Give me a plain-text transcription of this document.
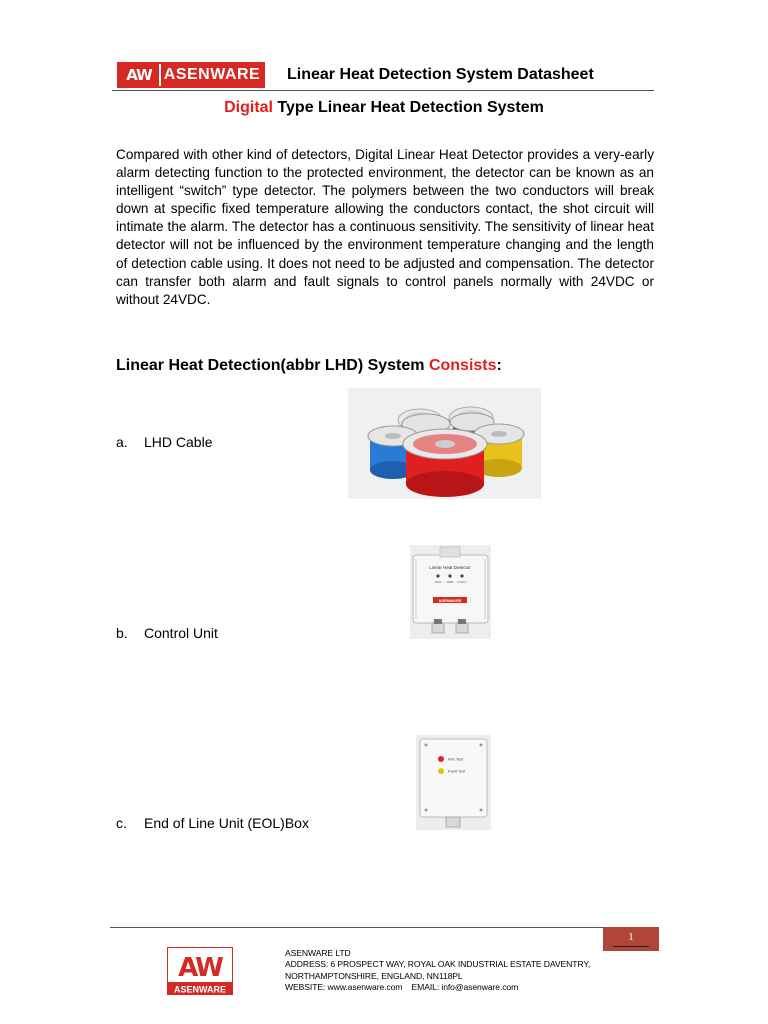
AW ASENWARE Linear Heat Detection System Datasheet
Digital Type Linear Heat Detection System
Compared with other kind of detectors, Digital Linear Heat Detector provides a very-early alarm detecting function to the protected environment, the detector can be known as an intelligent “switch” type detector. The polymers between the two conductors will break down at specific fixed temperature allowing the conductors contact, the shot circuit will intimate the alarm. The detector has a continuous sensitivity. The sensitivity of linear heat detector will not be influenced by the environment temperature changing and the length of detection cable using. It does not need to be adjusted and compensation. The detector can transfer both alarm and fault signals to control panels normally with 24VDC or without 24VDC.
Linear Heat Detection(abbr LHD) System Consists:
a. LHD Cable
b. Control Unit
Linear Heat Detector
RUN FIRE FAULT
ASENWARE
c. End of Line Unit (EOL)Box
Fire Test
Fault Test
1
AW
ASENWARE
ASENWARE LTD
ADDRESS: 6 PROSPECT WAY, ROYAL OAK INDUSTRIAL ESTATE DAVENTRY,
NORTHAMPTONSHIRE, ENGLAND, NN118PL
WEBSITE: www.asenware.com EMAIL: info@asenware.com
